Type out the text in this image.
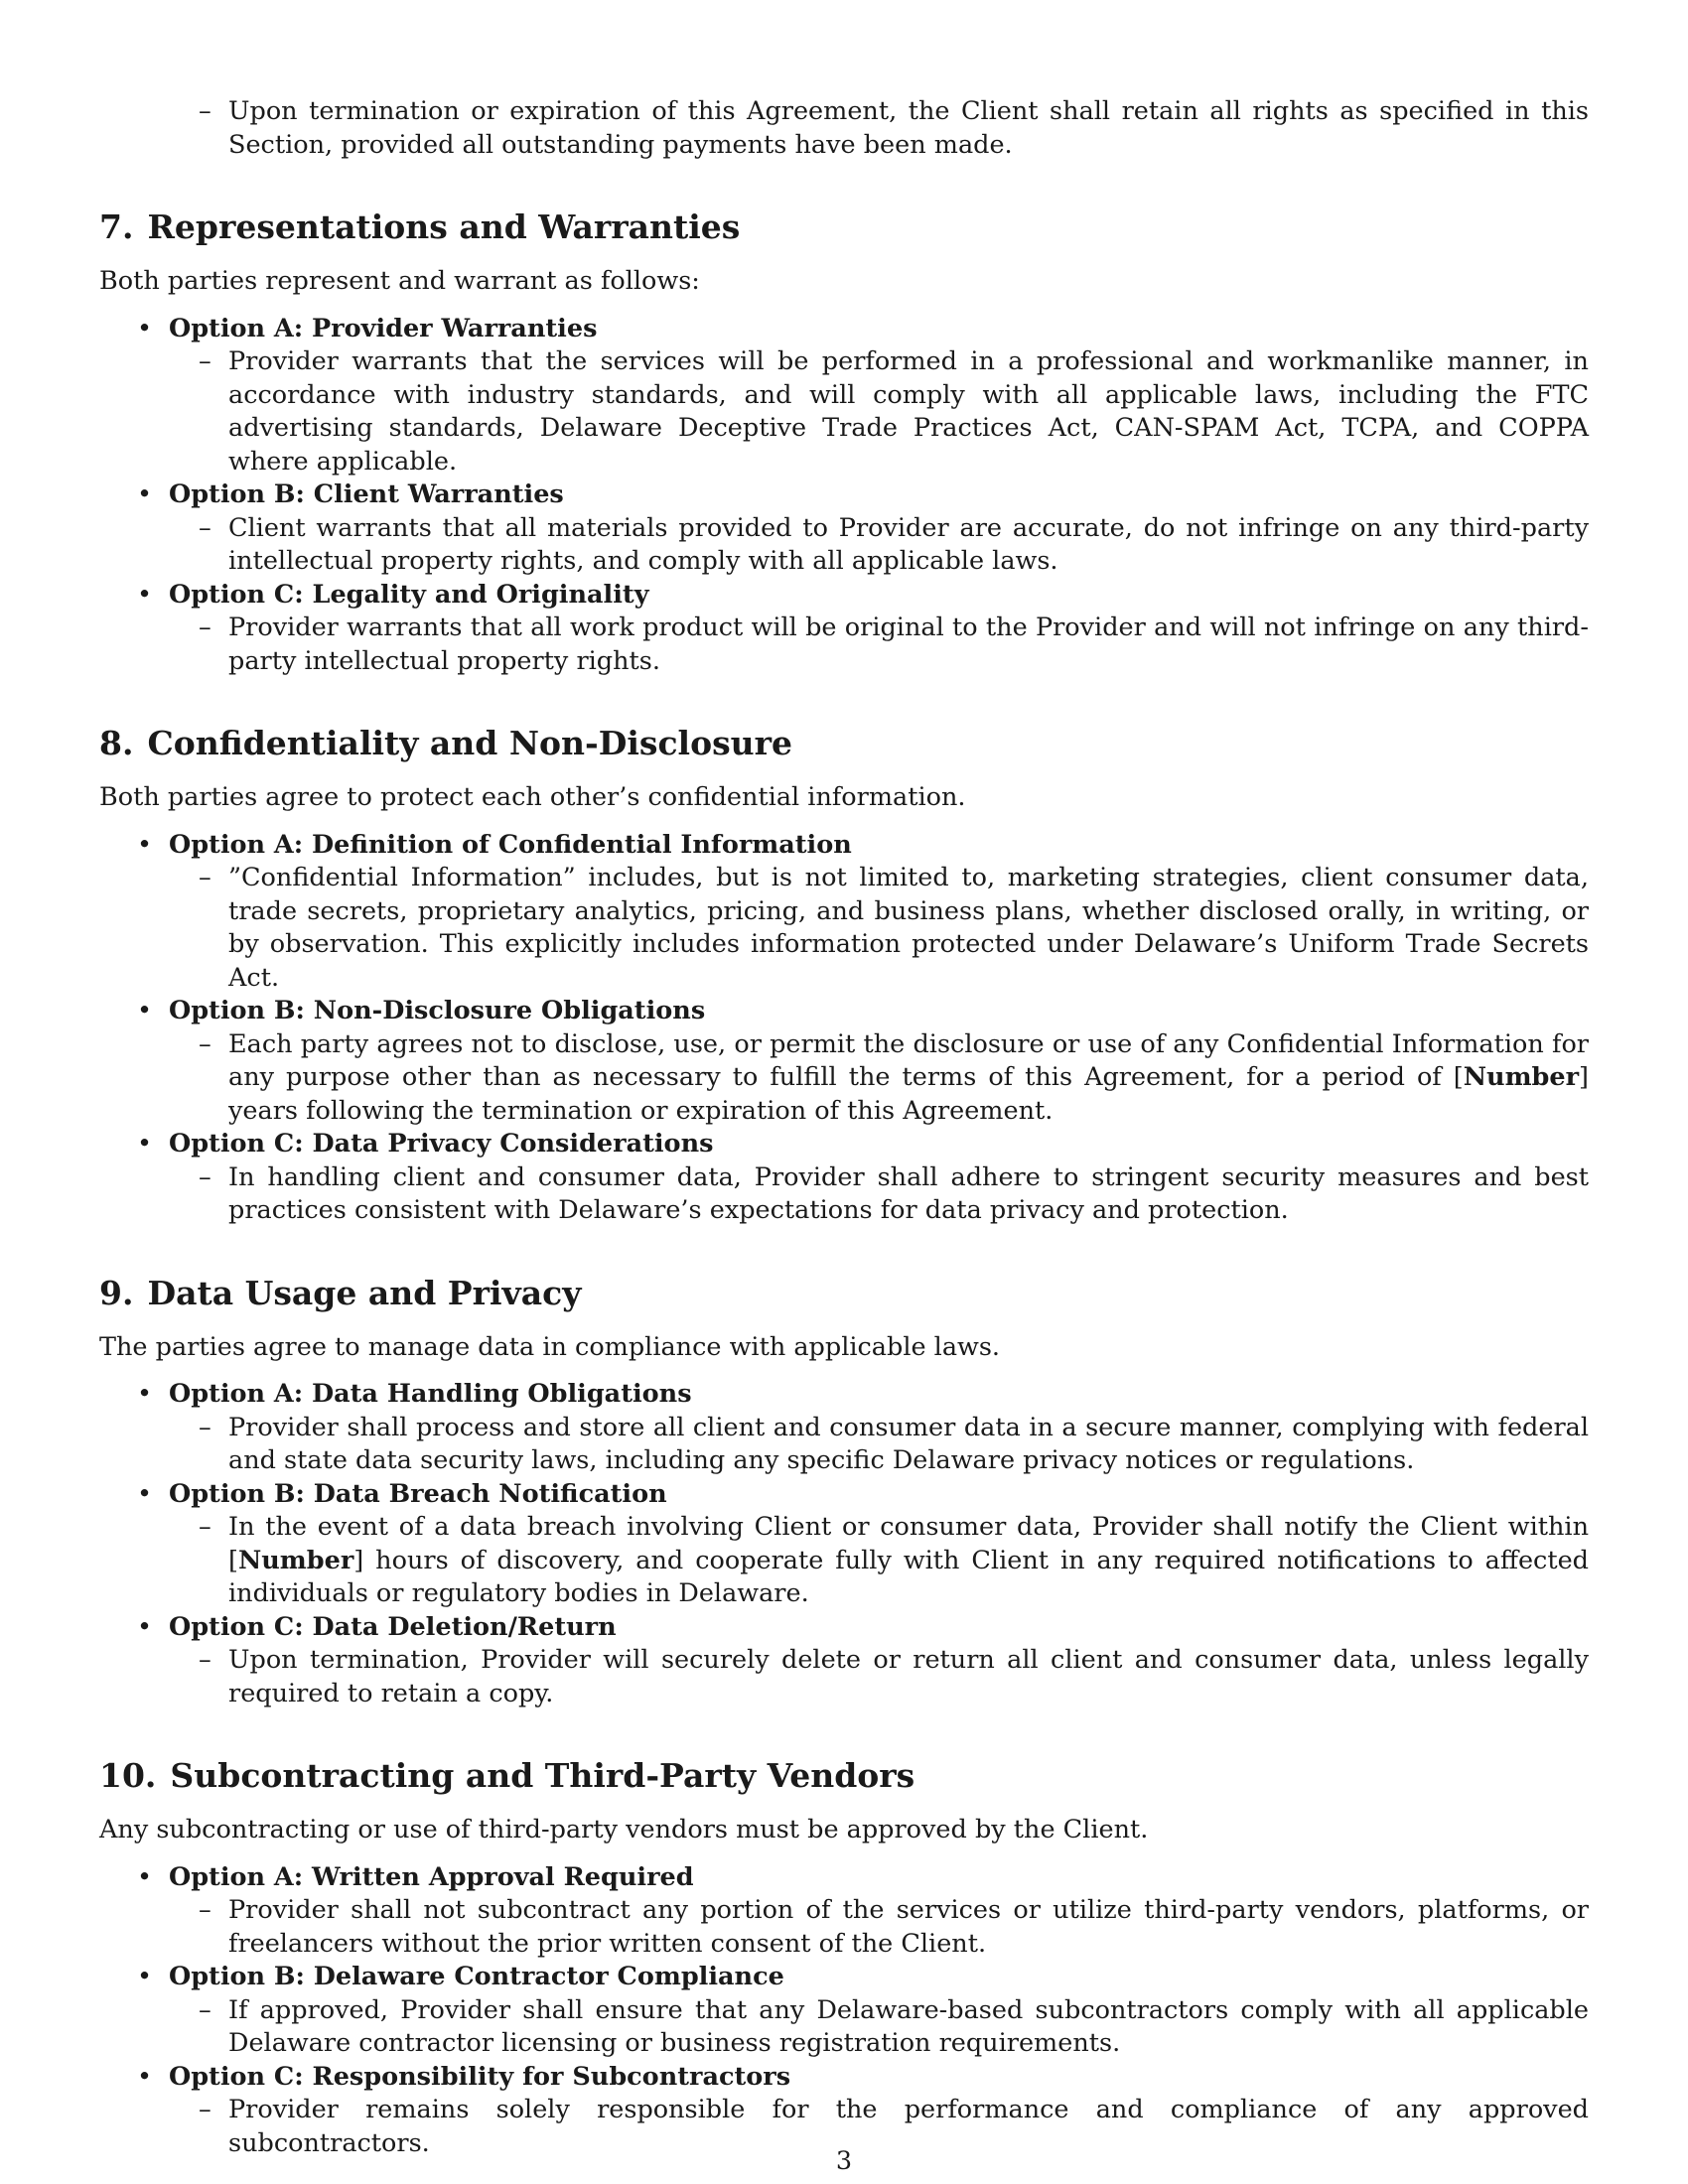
– Upon termination or expiration of this Agreement, the Client shall retain all rights as specified in this Section, provided all outstanding payments have been made.
7. Representations and Warranties

Both parties represent and warrant as follows:

• Option A: Provider Warranties
– Provider warrants that the services will be performed in a professional and workmanlike manner, in accordance with industry standards, and will comply with all applicable laws, including the FTC advertising standards, Delaware Deceptive Trade Practices Act, CAN-SPAM Act, TCPA, and COPPA where applicable.
• Option B: Client Warranties
– Client warrants that all materials provided to Provider are accurate, do not infringe on any third-party intellectual property rights, and comply with all applicable laws.
• Option C: Legality and Originality
– Provider warrants that all work product will be original to the Provider and will not infringe on any third-party intellectual property rights.
8. Confidentiality and Non-Disclosure

Both parties agree to protect each other’s confidential information.

• Option A: Definition of Confidential Information
– ”Confidential Information” includes, but is not limited to, marketing strategies, client consumer data, trade secrets, proprietary analytics, pricing, and business plans, whether disclosed orally, in writing, or by observation. This explicitly includes information protected under Delaware’s Uniform Trade Secrets Act.
• Option B: Non-Disclosure Obligations
– Each party agrees not to disclose, use, or permit the disclosure or use of any Confidential Information for any purpose other than as necessary to fulfill the terms of this Agreement, for a period of [Number] years following the termination or expiration of this Agreement.
• Option C: Data Privacy Considerations
– In handling client and consumer data, Provider shall adhere to stringent security measures and best practices consistent with Delaware’s expectations for data privacy and protection.
9. Data Usage and Privacy

The parties agree to manage data in compliance with applicable laws.

• Option A: Data Handling Obligations
– Provider shall process and store all client and consumer data in a secure manner, complying with federal and state data security laws, including any specific Delaware privacy notices or regulations.
• Option B: Data Breach Notification
– In the event of a data breach involving Client or consumer data, Provider shall notify the Client within [Number] hours of discovery, and cooperate fully with Client in any required notifications to affected individuals or regulatory bodies in Delaware.
• Option C: Data Deletion/Return
– Upon termination, Provider will securely delete or return all client and consumer data, unless legally required to retain a copy.
10. Subcontracting and Third-Party Vendors

Any subcontracting or use of third-party vendors must be approved by the Client.

• Option A: Written Approval Required
– Provider shall not subcontract any portion of the services or utilize third-party vendors, platforms, or freelancers without the prior written consent of the Client.
• Option B: Delaware Contractor Compliance
– If approved, Provider shall ensure that any Delaware-based subcontractors comply with all applicable Delaware contractor licensing or business registration requirements.
• Option C: Responsibility for Subcontractors
– Provider remains solely responsible for the performance and compliance of any approved subcontractors.
3
